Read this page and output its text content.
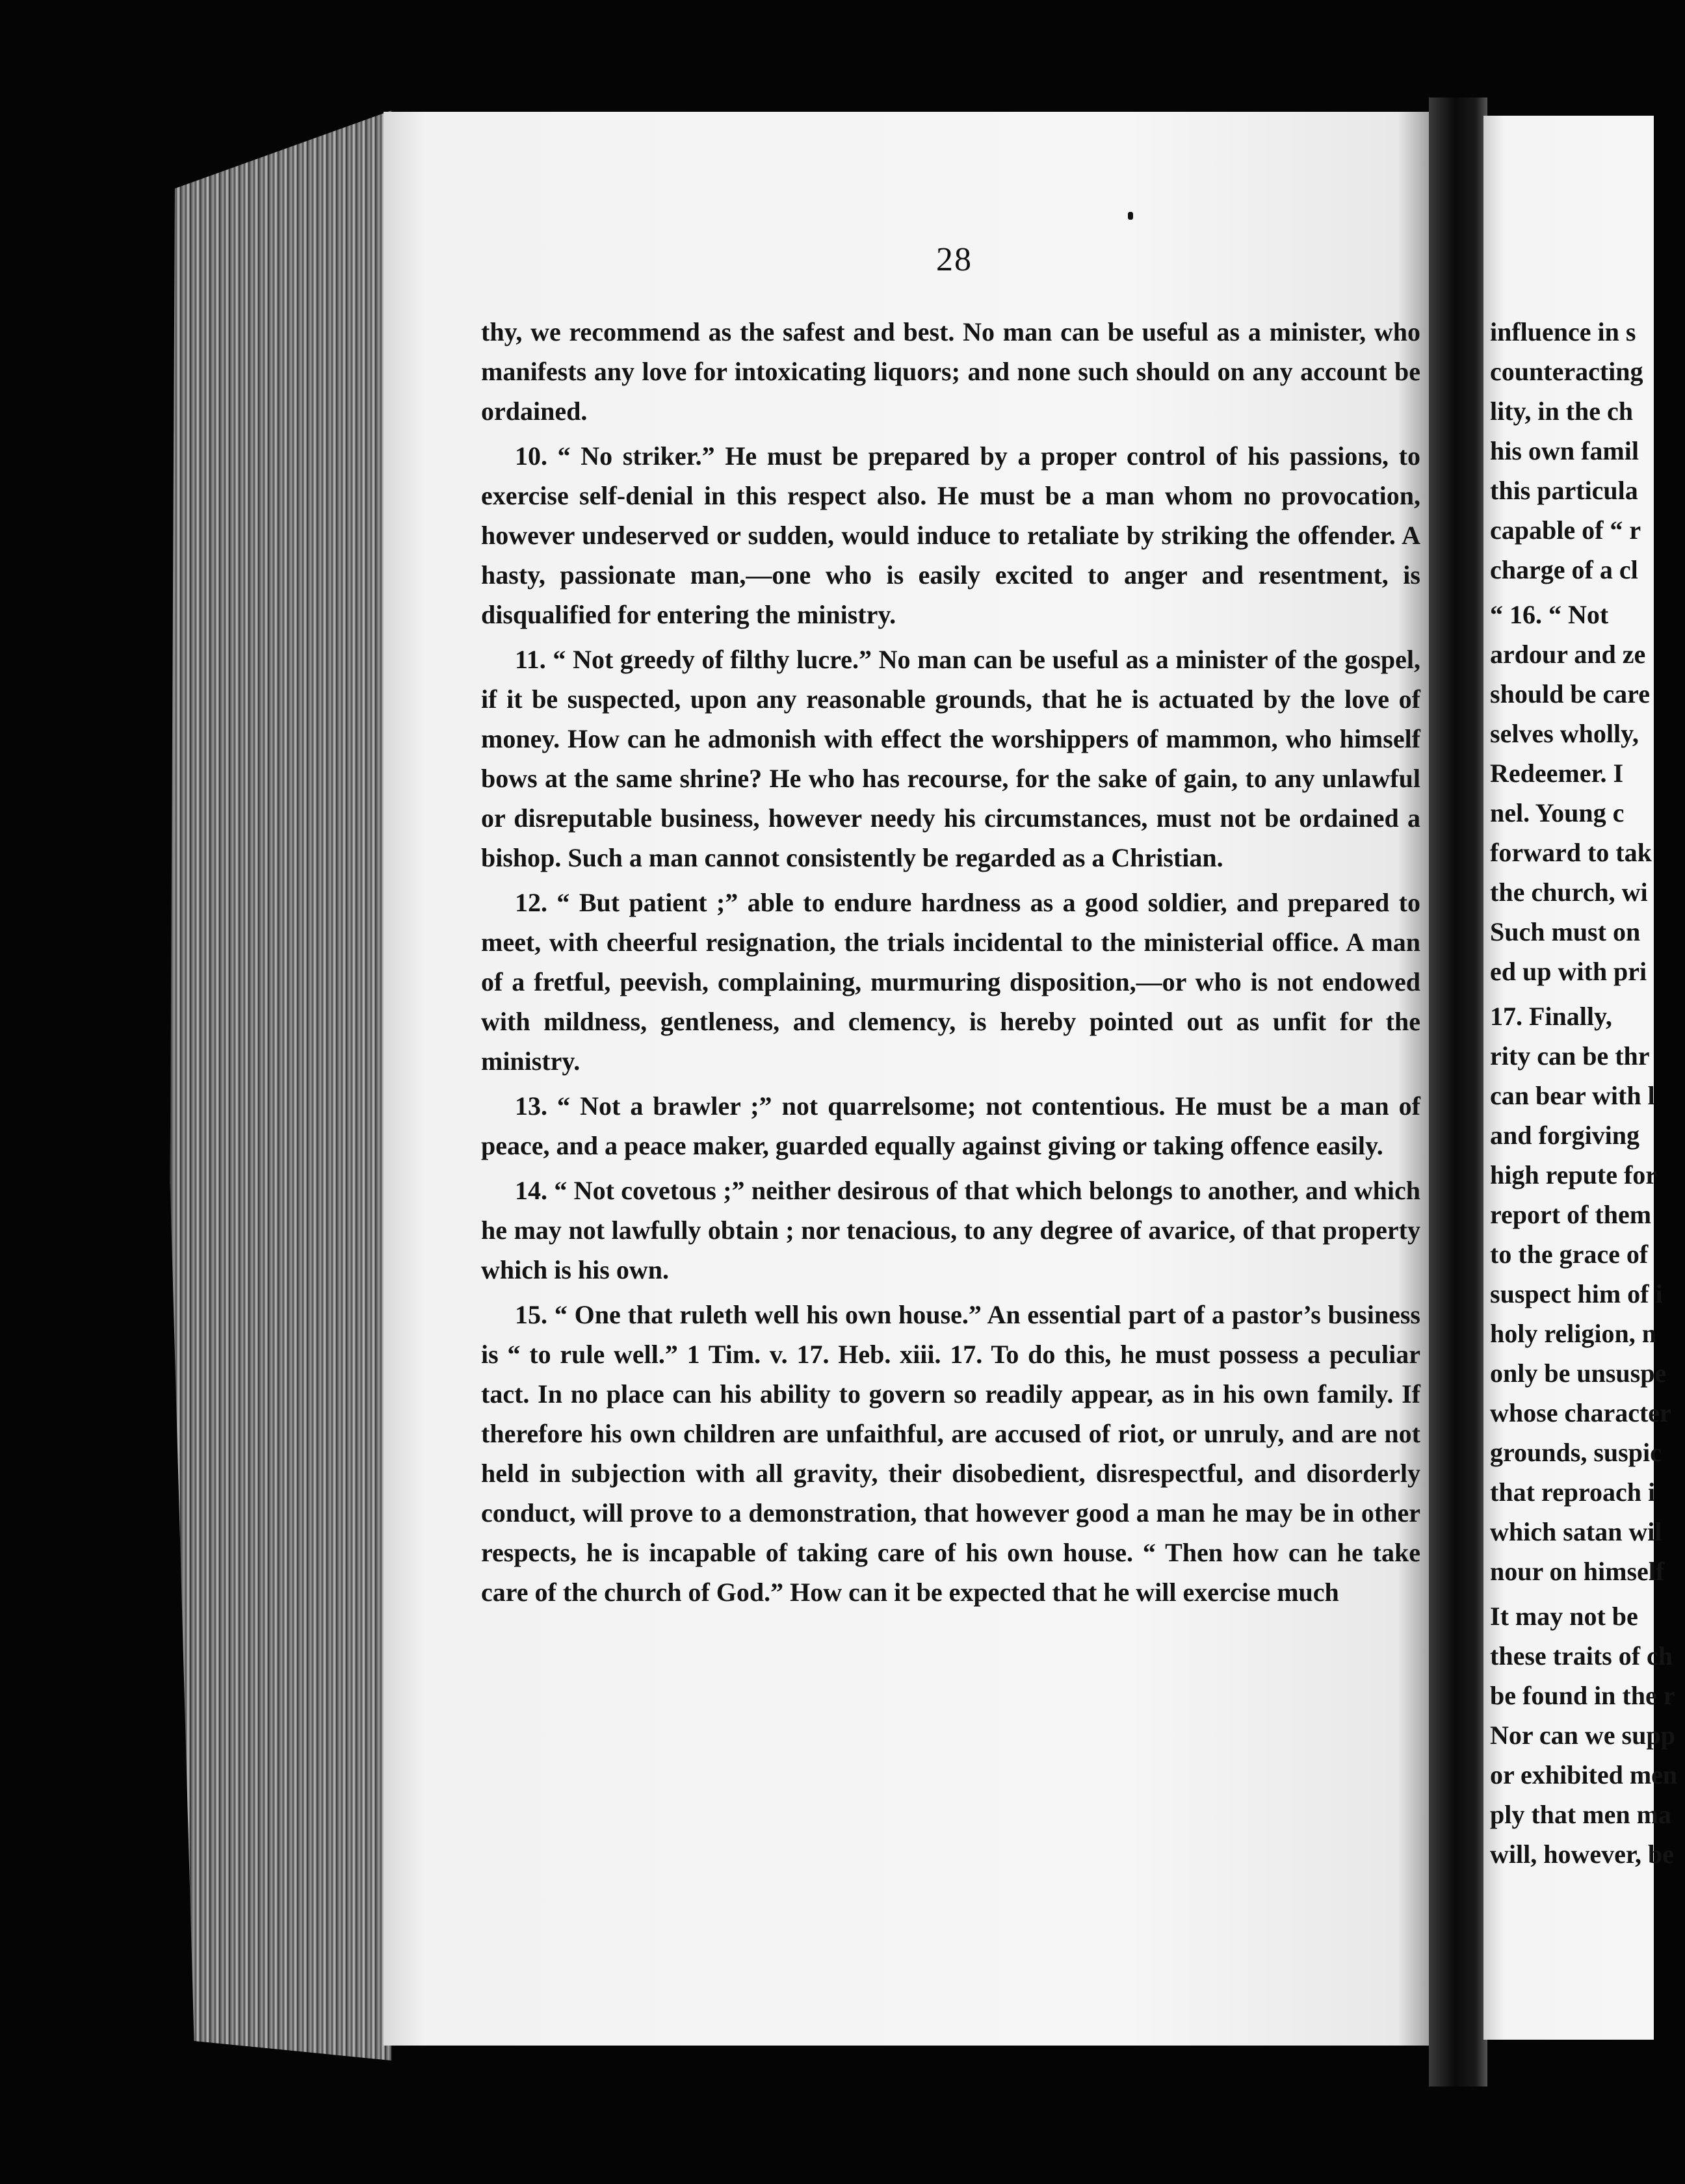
28

thy, we recommend as the safest and best. No man can be useful as a minister, who manifests any love for intoxicating liquors; and none such should on any account be ordained.

10. “ No striker.” He must be prepared by a proper control of his passions, to exercise self-denial in this respect also. He must be a man whom no provocation, however undeserved or sudden, would induce to retaliate by striking the offender. A hasty, passionate man,—one who is easily excited to anger and resentment, is disqualified for entering the ministry.

11. “ Not greedy of filthy lucre.” No man can be useful as a minister of the gospel, if it be suspected, upon any reasonable grounds, that he is actuated by the love of money. How can he admonish with effect the worshippers of mammon, who himself bows at the same shrine? He who has recourse, for the sake of gain, to any unlawful or disreputable business, however needy his circumstances, must not be ordained a bishop. Such a man cannot consistently be regarded as a Christian.

12. “ But patient ;” able to endure hardness as a good soldier, and prepared to meet, with cheerful resignation, the trials incidental to the ministerial office. A man of a fretful, peevish, complaining, murmuring disposition,—or who is not endowed with mildness, gentleness, and clemency, is hereby pointed out as unfit for the ministry.

13. “ Not a brawler ;” not quarrelsome; not contentious. He must be a man of peace, and a peace maker, guarded equally against giving or taking offence easily.

14. “ Not covetous ;” neither desirous of that which belongs to another, and which he may not lawfully obtain ; nor tenacious, to any degree of avarice, of that property which is his own.

15. “ One that ruleth well his own house.” An essential part of a pastor’s business is “ to rule well.” 1 Tim. v. 17. Heb. xiii. 17. To do this, he must possess a peculiar tact. In no place can his ability to govern so readily appear, as in his own family. If therefore his own children are unfaithful, are accused of riot, or unruly, and are not held in subjection with all gravity, their disobedient, disrespectful, and disorderly conduct, will prove to a demonstration, that however good a man he may be in other respects, he is incapable of taking care of his own house. “ Then how can he take care of the church of God.” How can it be expected that he will exercise much

influence in s
counteracting
lity, in the ch
his own famil
this particula
capable of “ r
charge of a cl
“ 16. “ Not
ardour and ze
should be care
selves wholly,
Redeemer. I
nel. Young c
forward to tak
the church, wi
Such must on
ed up with pri
17. Finally,
rity can be thr
can bear with l
and forgiving
high repute for
report of them
to the grace of
suspect him of i
holy religion, n
only be unsuspe
whose character
grounds, suspic
that reproach i
which satan wil
nour on himself
It may not be
these traits of ch
be found in the r
Nor can we supp
or exhibited men
ply that men ma
will, however, be
